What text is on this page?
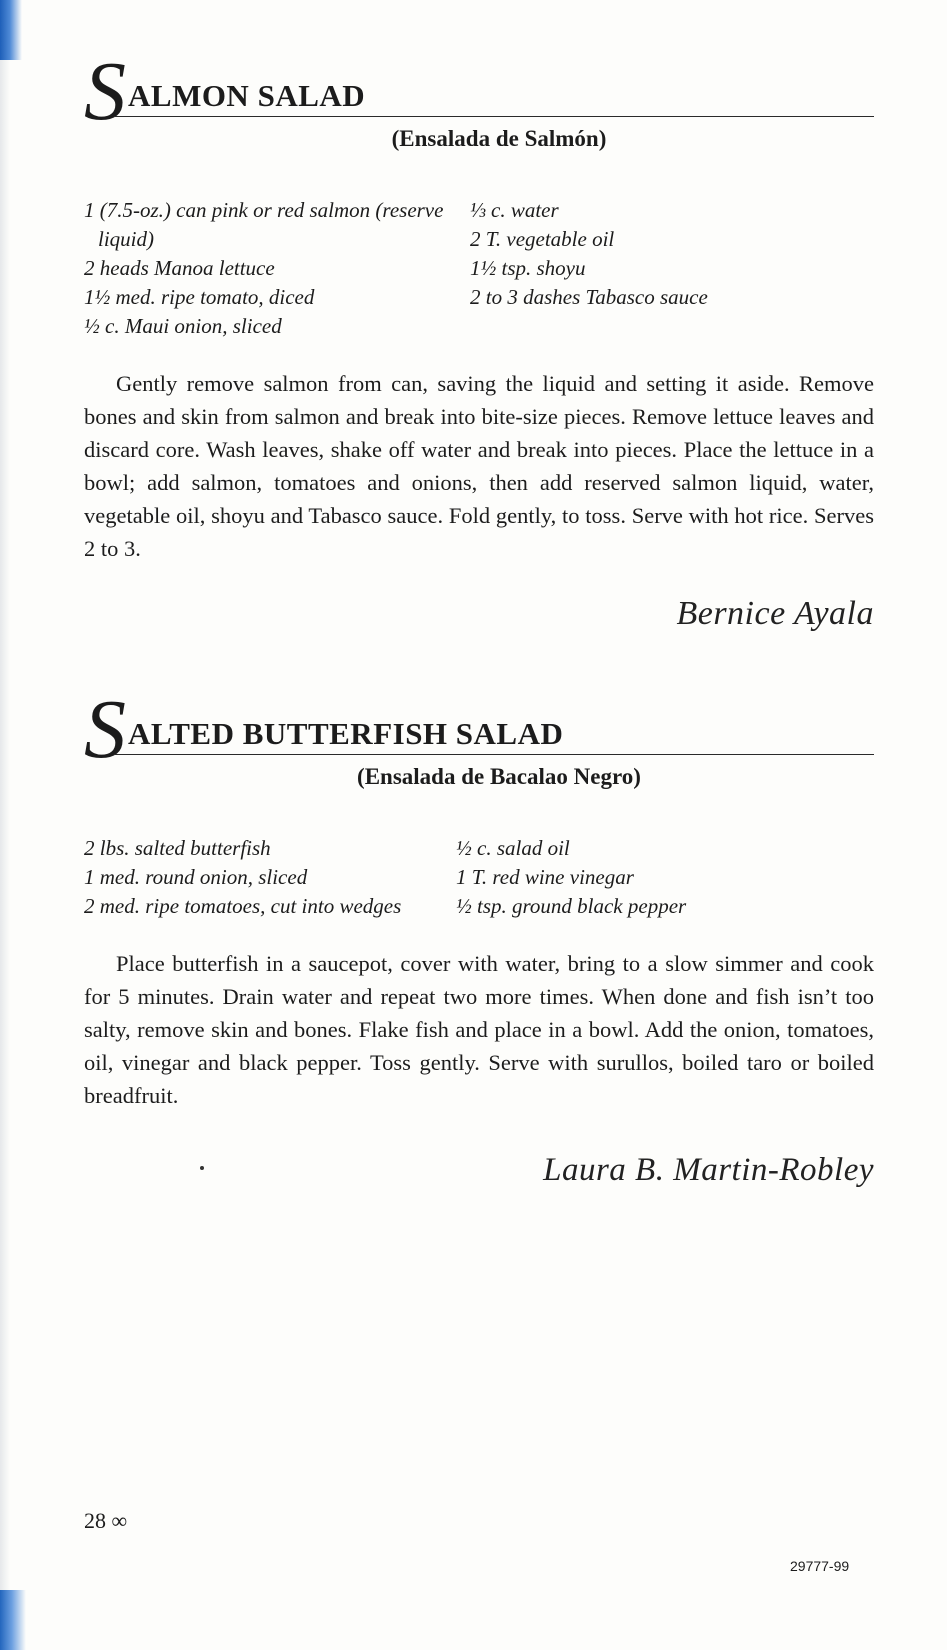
S ALMON SALAD
(Ensalada de Salmón)
1 (7.5-oz.) can pink or red salmon (reserve liquid)
2 heads Manoa lettuce
1½ med. ripe tomato, diced
½ c. Maui onion, sliced
⅓ c. water
2 T. vegetable oil
1½ tsp. shoyu
2 to 3 dashes Tabasco sauce

Gently remove salmon from can, saving the liquid and setting it aside. Remove bones and skin from salmon and break into bite-size pieces. Remove lettuce leaves and discard core. Wash leaves, shake off water and break into pieces. Place the lettuce in a bowl; add salmon, tomatoes and onions, then add reserved salmon liquid, water, vegetable oil, shoyu and Tabasco sauce. Fold gently, to toss. Serve with hot rice. Serves 2 to 3.

Bernice Ayala
S ALTED BUTTERFISH SALAD
(Ensalada de Bacalao Negro)
2 lbs. salted butterfish
1 med. round onion, sliced
2 med. ripe tomatoes, cut into wedges
½ c. salad oil
1 T. red wine vinegar
½ tsp. ground black pepper

Place butterfish in a saucepot, cover with water, bring to a slow simmer and cook for 5 minutes. Drain water and repeat two more times. When done and fish isn’t too salty, remove skin and bones. Flake fish and place in a bowl. Add the onion, tomatoes, oil, vinegar and black pepper. Toss gently. Serve with surullos, boiled taro or boiled breadfruit.

Laura B. Martin-Robley
28 ∞
29777-99
